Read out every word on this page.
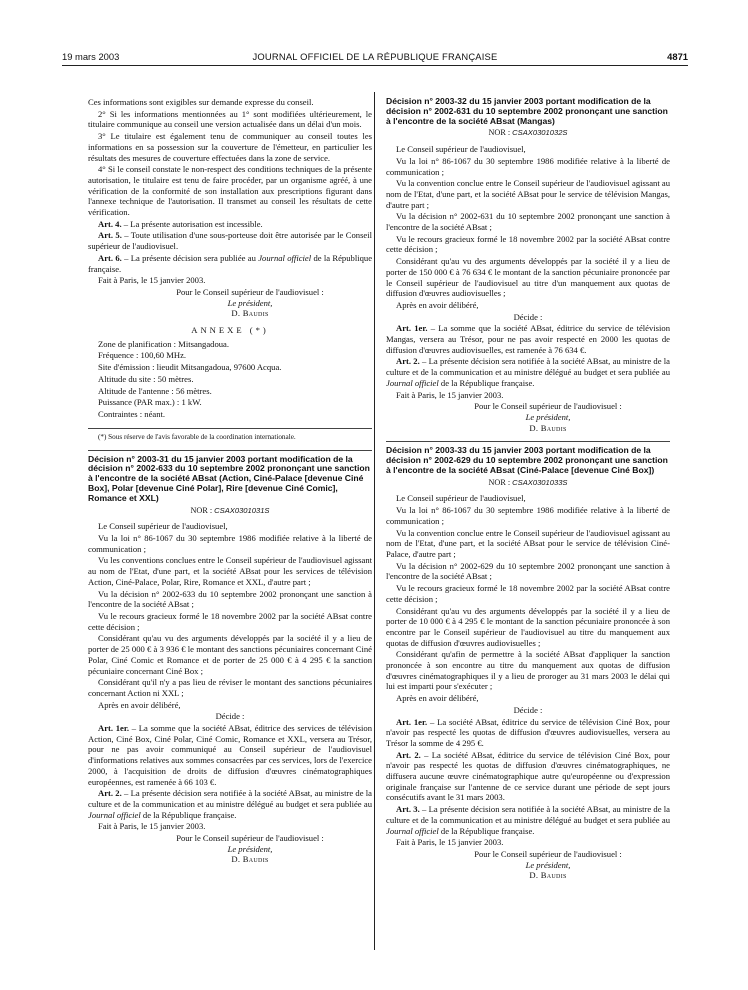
19 mars 2003	JOURNAL OFFICIEL DE LA RÉPUBLIQUE FRANÇAISE	4871

Ces informations sont exigibles sur demande expresse du conseil.

2° Si les informations mentionnées au 1° sont modifiées ultérieurement, le titulaire communique au conseil une version actualisée dans un délai d'un mois.

3° Le titulaire est également tenu de communiquer au conseil toutes les informations en sa possession sur la couverture de l'émetteur, en particulier les résultats des mesures de couverture effectuées dans la zone de service.

4° Si le conseil constate le non-respect des conditions techniques de la présente autorisation, le titulaire est tenu de faire procéder, par un organisme agréé, à une vérification de la conformité de son installation aux prescriptions figurant dans l'annexe technique de l'autorisation. Il transmet au conseil les résultats de cette vérification.

Art. 4. – La présente autorisation est incessible.

Art. 5. – Toute utilisation d'une sous-porteuse doit être autorisée par le Conseil supérieur de l'audiovisuel.

Art. 6. – La présente décision sera publiée au Journal officiel de la République française.

Fait à Paris, le 15 janvier 2003.

Pour le Conseil supérieur de l'audiovisuel :

Le président,

D. Baudis

ANNEXE (*)

Zone de planification : Mitsangadoua.

Fréquence : 100,60 MHz.

Site d'émission : lieudit Mitsangadoua, 97600 Acqua.

Altitude du site : 50 mètres.

Altitude de l'antenne : 56 mètres.

Puissance (PAR max.) : 1 kW.

Contraintes : néant.

(*) Sous réserve de l'avis favorable de la coordination internationale.

Décision n° 2003-31 du 15 janvier 2003 portant modification de la décision n° 2002-633 du 10 septembre 2002 prononçant une sanction à l'encontre de la société ABsat (Action, Ciné-Palace [devenue Ciné Box], Polar [devenue Ciné Polar], Rire [devenue Ciné Comic], Romance et XXL)

NOR : CSAX0301031S

Le Conseil supérieur de l'audiovisuel,

Vu la loi n° 86-1067 du 30 septembre 1986 modifiée relative à la liberté de communication ;

Vu les conventions conclues entre le Conseil supérieur de l'audiovisuel agissant au nom de l'Etat, d'une part, et la société ABsat pour les services de télévision Action, Ciné-Palace, Polar, Rire, Romance et XXL, d'autre part ;

Vu la décision n° 2002-633 du 10 septembre 2002 prononçant une sanction à l'encontre de la société ABsat ;

Vu le recours gracieux formé le 18 novembre 2002 par la société ABsat contre cette décision ;

Considérant qu'au vu des arguments développés par la société il y a lieu de porter de 25 000 € à 3 936 € le montant des sanctions pécuniaires concernant Ciné Polar, Ciné Comic et Romance et de porter de 25 000 € à 4 295 € la sanction pécuniaire concernant Ciné Box ;

Considérant qu'il n'y a pas lieu de réviser le montant des sanctions pécuniaires concernant Action ni XXL ;

Après en avoir délibéré,

Décide :

Art. 1er. – La somme que la société ABsat, éditrice des services de télévision Action, Ciné Box, Ciné Polar, Ciné Comic, Romance et XXL, versera au Trésor, pour ne pas avoir communiqué au Conseil supérieur de l'audiovisuel d'informations relatives aux sommes consacrées par ces services, lors de l'exercice 2000, à l'acquisition de droits de diffusion d'œuvres cinématographiques européennes, est ramenée à 66 103 €.

Art. 2. – La présente décision sera notifiée à la société ABsat, au ministre de la culture et de la communication et au ministre délégué au budget et sera publiée au Journal officiel de la République française.

Fait à Paris, le 15 janvier 2003.

Pour le Conseil supérieur de l'audiovisuel :

Le président,

D. Baudis

Décision n° 2003-32 du 15 janvier 2003 portant modification de la décision n° 2002-631 du 10 septembre 2002 prononçant une sanction à l'encontre de la société ABsat (Mangas)

NOR : CSAX0301032S

Le Conseil supérieur de l'audiovisuel,

Vu la loi n° 86-1067 du 30 septembre 1986 modifiée relative à la liberté de communication ;

Vu la convention conclue entre le Conseil supérieur de l'audiovisuel agissant au nom de l'Etat, d'une part, et la société ABsat pour le service de télévision Mangas, d'autre part ;

Vu la décision n° 2002-631 du 10 septembre 2002 prononçant une sanction à l'encontre de la société ABsat ;

Vu le recours gracieux formé le 18 novembre 2002 par la société ABsat contre cette décision ;

Considérant qu'au vu des arguments développés par la société il y a lieu de porter de 150 000 € à 76 634 € le montant de la sanction pécuniaire prononcée par le Conseil supérieur de l'audiovisuel au titre d'un manquement aux quotas de diffusion d'œuvres audiovisuelles ;

Après en avoir délibéré,

Décide :

Art. 1er. – La somme que la société ABsat, éditrice du service de télévision Mangas, versera au Trésor, pour ne pas avoir respecté en 2000 les quotas de diffusion d'œuvres audiovisuelles, est ramenée à 76 634 €.

Art. 2. – La présente décision sera notifiée à la société ABsat, au ministre de la culture et de la communication et au ministre délégué au budget et sera publiée au Journal officiel de la République française.

Fait à Paris, le 15 janvier 2003.

Pour le Conseil supérieur de l'audiovisuel :

Le président,

D. Baudis

Décision n° 2003-33 du 15 janvier 2003 portant modification de la décision n° 2002-629 du 10 septembre 2002 prononçant une sanction à l'encontre de la société ABsat (Ciné-Palace [devenue Ciné Box])

NOR : CSAX0301033S

Le Conseil supérieur de l'audiovisuel,

Vu la loi n° 86-1067 du 30 septembre 1986 modifiée relative à la liberté de communication ;

Vu la convention conclue entre le Conseil supérieur de l'audiovisuel agissant au nom de l'Etat, d'une part, et la société ABsat pour le service de télévision Ciné-Palace, d'autre part ;

Vu la décision n° 2002-629 du 10 septembre 2002 prononçant une sanction à l'encontre de la société ABsat ;

Vu le recours gracieux formé le 18 novembre 2002 par la société ABsat contre cette décision ;

Considérant qu'au vu des arguments développés par la société il y a lieu de porter de 10 000 € à 4 295 € le montant de la sanction pécuniaire prononcée à son encontre par le Conseil supérieur de l'audiovisuel au titre du manquement aux quotas de diffusion d'œuvres audiovisuelles ;

Considérant qu'afin de permettre à la société ABsat d'appliquer la sanction prononcée à son encontre au titre du manquement aux quotas de diffusion d'œuvres cinématographiques il y a lieu de proroger au 31 mars 2003 le délai qui lui est imparti pour s'exécuter ;

Après en avoir délibéré,

Décide :

Art. 1er. – La société ABsat, éditrice du service de télévision Ciné Box, pour n'avoir pas respecté les quotas de diffusion d'œuvres audiovisuelles, versera au Trésor la somme de 4 295 €.

Art. 2. – La société ABsat, éditrice du service de télévision Ciné Box, pour n'avoir pas respecté les quotas de diffusion d'œuvres cinématographiques, ne diffusera aucune œuvre cinématographique autre qu'européenne ou d'expression originale française sur l'antenne de ce service durant une période de sept jours consécutifs avant le 31 mars 2003.

Art. 3. – La présente décision sera notifiée à la société ABsat, au ministre de la culture et de la communication et au ministre délégué au budget et sera publiée au Journal officiel de la République française.

Fait à Paris, le 15 janvier 2003.

Pour le Conseil supérieur de l'audiovisuel :

Le président,

D. Baudis
